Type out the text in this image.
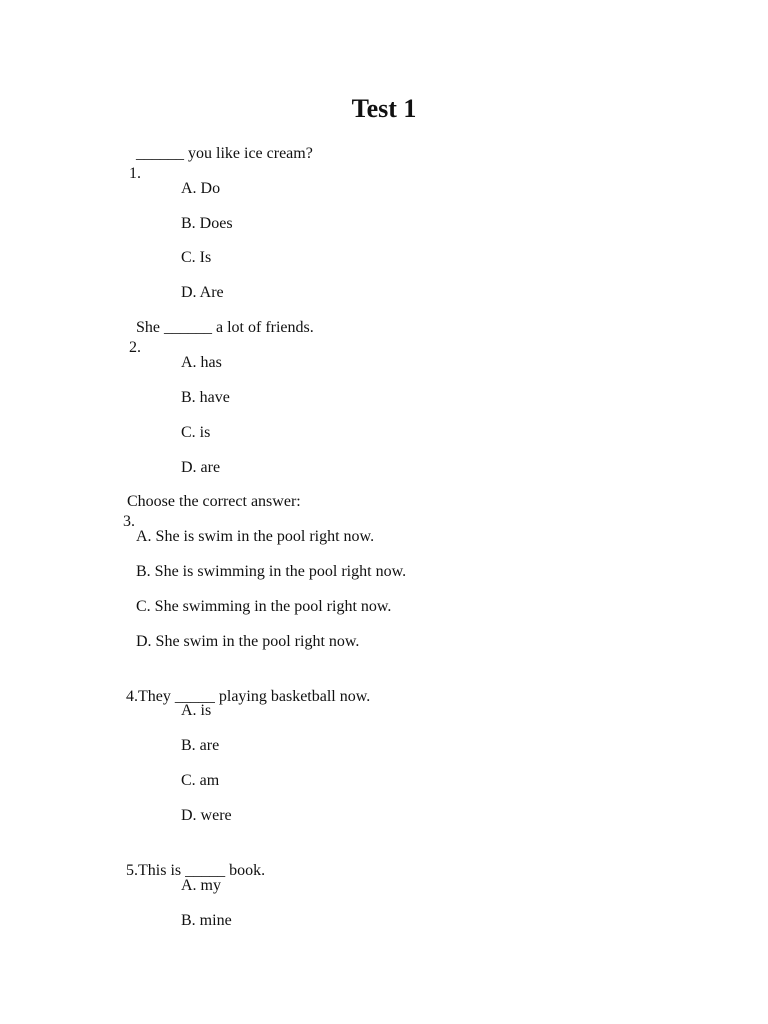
Test 1

1.

______ you like ice cream?
A. Do
B. Does
C. Is
D. Are

2.

She ______ a lot of friends.
A. has
B. have
C. is
D. are

3.

Choose the correct answer:
A. She is swim in the pool right now.
B. She is swimming in the pool right now.
C. She swimming in the pool right now.
D. She swim in the pool right now.

4.They _____ playing basketball now.

A. is
B. are
C. am
D. were

5.This is _____ book.

A. my
B. mine
